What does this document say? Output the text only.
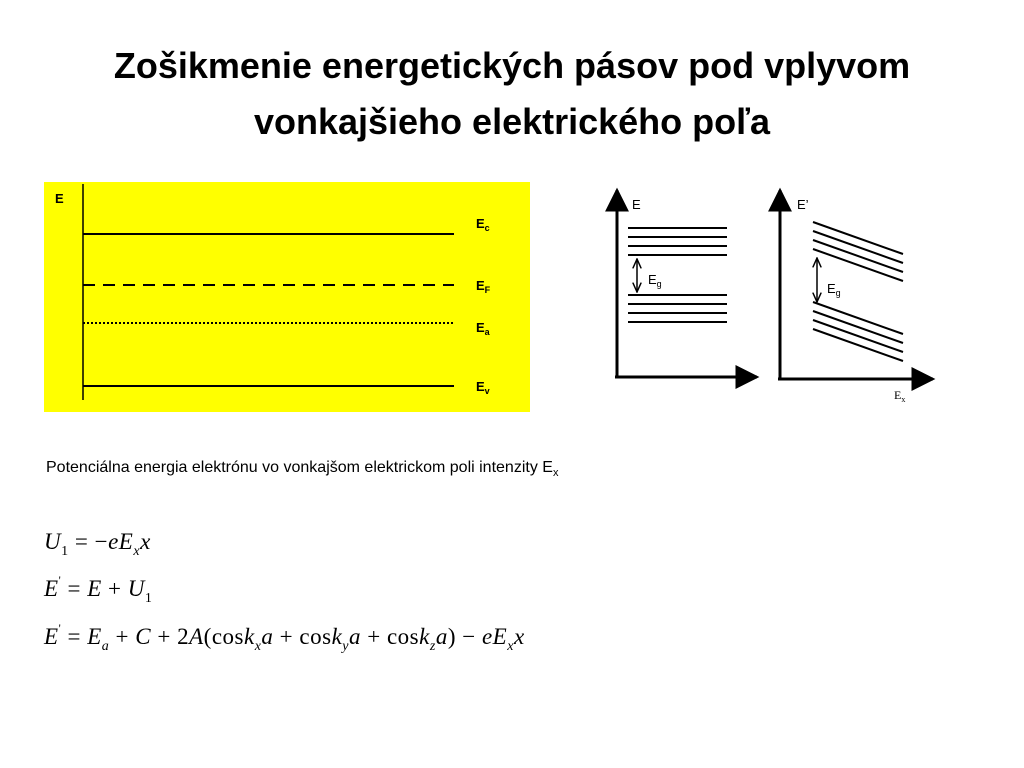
Zošikmenie energetických pásov pod vplyvom
vonkajšieho elektrického poľa
E
$E_c$
$E_F$
$E_a$
$E_v$
E
$E_g$
E’
$E_g$
$E_x$
Potenciálna energia elektrónu vo vonkajšom elektrickom poli intenzity $E_x$
$U_1 = -eE_xx$
$E' = E + U_1$
$E' = E_a + C + 2A(\cos k_xa + \cos k_ya + \cos k_za) - eE_xx$
